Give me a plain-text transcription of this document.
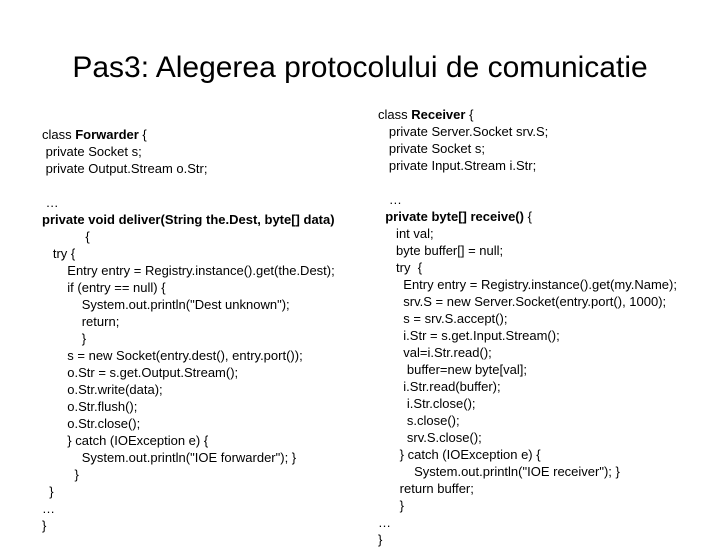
Pas3: Alegerea protocolului de comunicatie
class Forwarder {
private Socket s;
private Output.Stream o.Str;
…
private void deliver(String the.Dest, byte[] data)
{
try {
Entry entry = Registry.instance().get(the.Dest);
if (entry == null) {
System.out.println("Dest unknown");
return;
}
s = new Socket(entry.dest(), entry.port());
o.Str = s.get.Output.Stream();
o.Str.write(data);
o.Str.flush();
o.Str.close();
} catch (IOException e) {
System.out.println("IOE forwarder"); }
}
}
…
}
class Receiver {
private Server.Socket srv.S;
private Socket s;
private Input.Stream i.Str;
…
private byte[] receive() {
int val;
byte buffer[] = null;
try  {
Entry entry = Registry.instance().get(my.Name);
srv.S = new Server.Socket(entry.port(), 1000);
s = srv.S.accept();
i.Str = s.get.Input.Stream();
val=i.Str.read();
buffer=new byte[val];
i.Str.read(buffer);
i.Str.close();
s.close();
srv.S.close();
} catch (IOException e) {
System.out.println("IOE receiver"); }
return buffer;
}
…
}
